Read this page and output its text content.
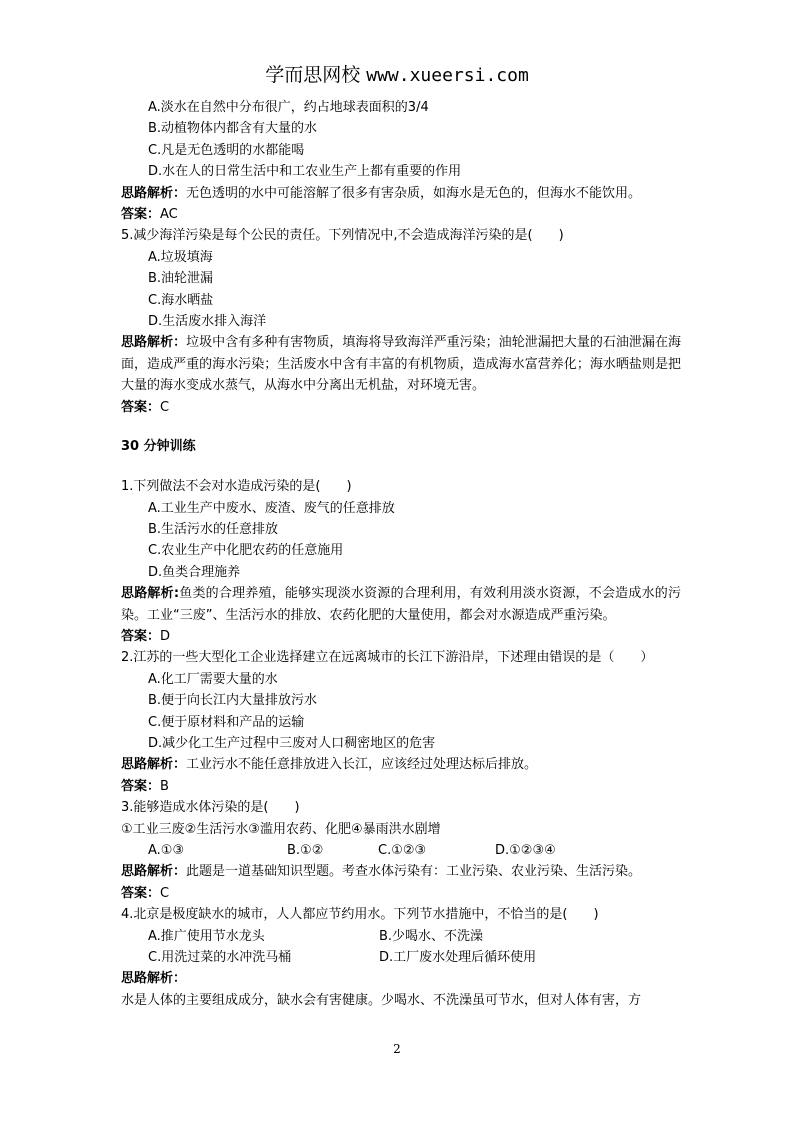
学而思网校 www.xueersi.com
A.淡水在自然中分布很广，约占地球表面积的3/4
B.动植物体内都含有大量的水
C.凡是无色透明的水都能喝
D.水在人的日常生活中和工农业生产上都有重要的作用
思路解析：无色透明的水中可能溶解了很多有害杂质，如海水是无色的，但海水不能饮用。
答案：AC
5.减少海洋污染是每个公民的责任。下列情况中,不会造成海洋污染的是(　　)
A.垃圾填海
B.油轮泄漏
C.海水晒盐
D.生活废水排入海洋
思路解析：垃圾中含有多种有害物质，填海将导致海洋严重污染；油轮泄漏把大量的石油泄漏在海面，造成严重的海水污染；生活废水中含有丰富的有机物质，造成海水富营养化；海水晒盐则是把大量的海水变成水蒸气，从海水中分离出无机盐，对环境无害。
答案：C
30 分钟训练
1.下列做法不会对水造成污染的是(　　)
A.工业生产中废水、废渣、废气的任意排放
B.生活污水的任意排放
C.农业生产中化肥农药的任意施用
D.鱼类合理施养
思路解析:鱼类的合理养殖，能够实现淡水资源的合理利用，有效利用淡水资源，不会造成水的污染。工业“三废”、生活污水的排放、农药化肥的大量使用，都会对水源造成严重污染。
答案：D
2.江苏的一些大型化工企业选择建立在远离城市的长江下游沿岸，下述理由错误的是（　　）
A.化工厂需要大量的水
B.便于向长江内大量排放污水
C.便于原材料和产品的运输
D.减少化工生产过程中三废对人口稠密地区的危害
思路解析：工业污水不能任意排放进入长江，应该经过处理达标后排放。
答案：B
3.能够造成水体污染的是(　　)
①工业三废②生活污水③滥用农药、化肥④暴雨洪水剧增
A.①③	B.①②	C.①②③	D.①②③④
思路解析：此题是一道基础知识型题。考查水体污染有：工业污染、农业污染、生活污染。
答案：C
4.北京是极度缺水的城市，人人都应节约用水。下列节水措施中，不恰当的是(　　)
A.推广使用节水龙头	B.少喝水、不洗澡
C.用洗过菜的水冲洗马桶	D.工厂废水处理后循环使用
思路解析：
水是人体的主要组成成分，缺水会有害健康。少喝水、不洗澡虽可节水，但对人体有害，方
2
